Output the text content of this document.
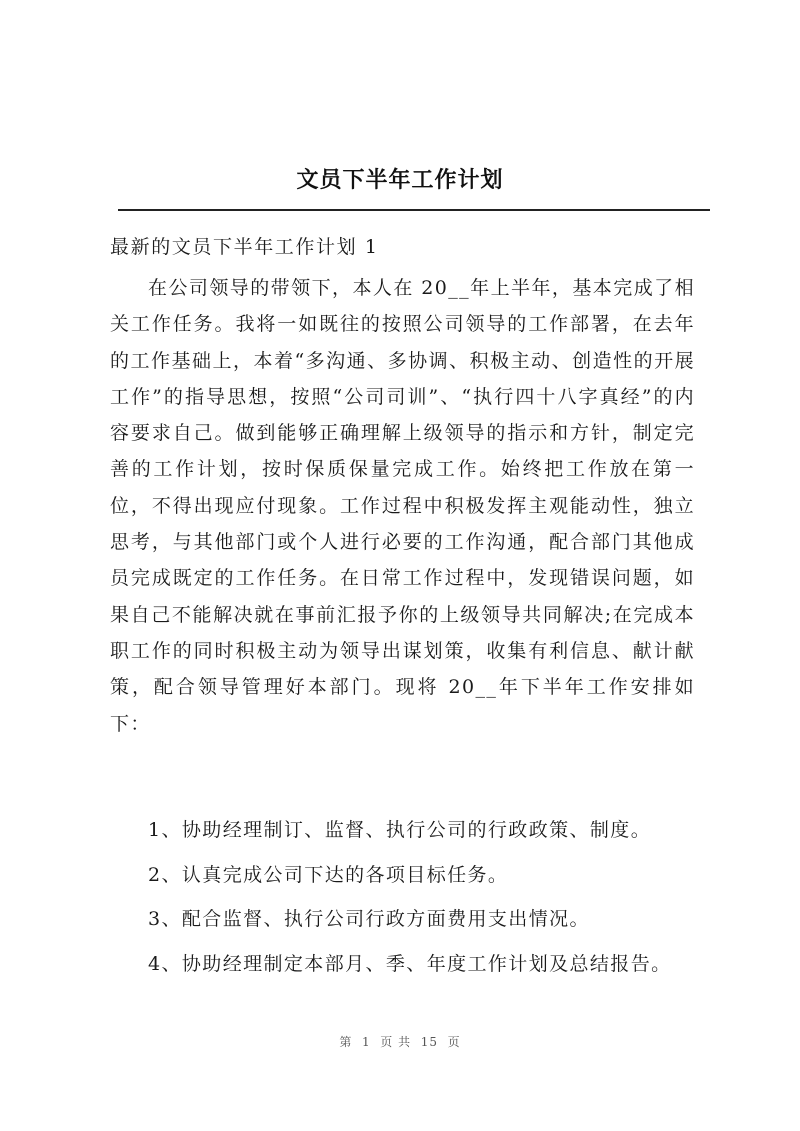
文员下半年工作计划
最新的文员下半年工作计划 1
在公司领导的带领下，本人在 20__年上半年，基本完成了相关工作任务。我将一如既往的按照公司领导的工作部署，在去年的工作基础上，本着“多沟通、多协调、积极主动、创造性的开展工作”的指导思想，按照“公司司训”、“执行四十八字真经”的内容要求自己。做到能够正确理解上级领导的指示和方针，制定完善的工作计划，按时保质保量完成工作。始终把工作放在第一位，不得出现应付现象。工作过程中积极发挥主观能动性，独立思考，与其他部门或个人进行必要的工作沟通，配合部门其他成员完成既定的工作任务。在日常工作过程中，发现错误问题，如果自己不能解决就在事前汇报予你的上级领导共同解决;在完成本职工作的同时积极主动为领导出谋划策，收集有利信息、献计献策，配合领导管理好本部门。现将 20__年下半年工作安排如下：
1、协助经理制订、监督、执行公司的行政政策、制度。
2、认真完成公司下达的各项目标任务。
3、配合监督、执行公司行政方面费用支出情况。
4、协助经理制定本部月、季、年度工作计划及总结报告。
第  1  页 共  15  页
